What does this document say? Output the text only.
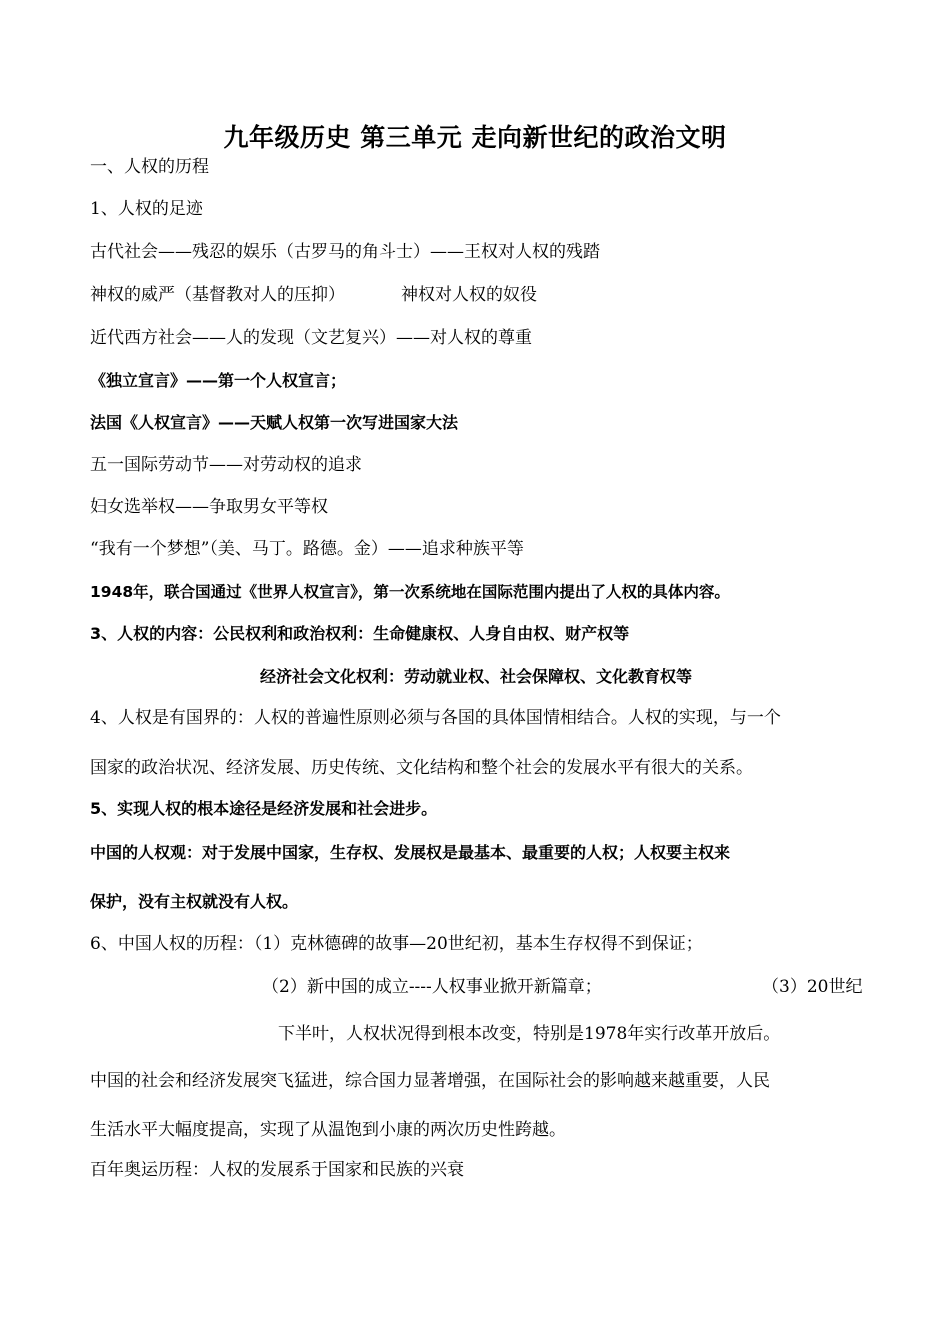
九年级历史 第三单元 走向新世纪的政治文明
一、人权的历程
1、人权的足迹
古代社会——残忍的娱乐（古罗马的角斗士）——王权对人权的残踏
神权的威严（基督教对人的压抑）	神权对人权的奴役
近代西方社会——人的发现（文艺复兴）——对人权的尊重
《独立宣言》——第一个人权宣言；
法国《人权宣言》——天赋人权第一次写进国家大法
五一国际劳动节——对劳动权的追求
妇女选举权——争取男女平等权
“我有一个梦想”（美、马丁。路德。金）——追求种族平等
1948年，联合国通过《世界人权宣言》，第一次系统地在国际范围内提出了人权的具体内容。
3、人权的内容：公民权利和政治权利：生命健康权、人身自由权、财产权等
经济社会文化权利：劳动就业权、社会保障权、文化教育权等
4、人权是有国界的：人权的普遍性原则必须与各国的具体国情相结合。人权的实现，与一个
国家的政治状况、经济发展、历史传统、文化结构和整个社会的发展水平有很大的关系。
5、实现人权的根本途径是经济发展和社会进步。
中国的人权观：对于发展中国家，生存权、发展权是最基本、最重要的人权；人权要主权来
保护，没有主权就没有人权。
6、中国人权的历程：（1）克林德碑的故事—20世纪初，基本生存权得不到保证；
（2）新中国的成立----人权事业掀开新篇章；	（3）20世纪
下半叶，人权状况得到根本改变，特别是1978年实行改革开放后。
中国的社会和经济发展突飞猛进，综合国力显著增强，在国际社会的影响越来越重要，人民
生活水平大幅度提高，实现了从温饱到小康的两次历史性跨越。
百年奥运历程：人权的发展系于国家和民族的兴衰
